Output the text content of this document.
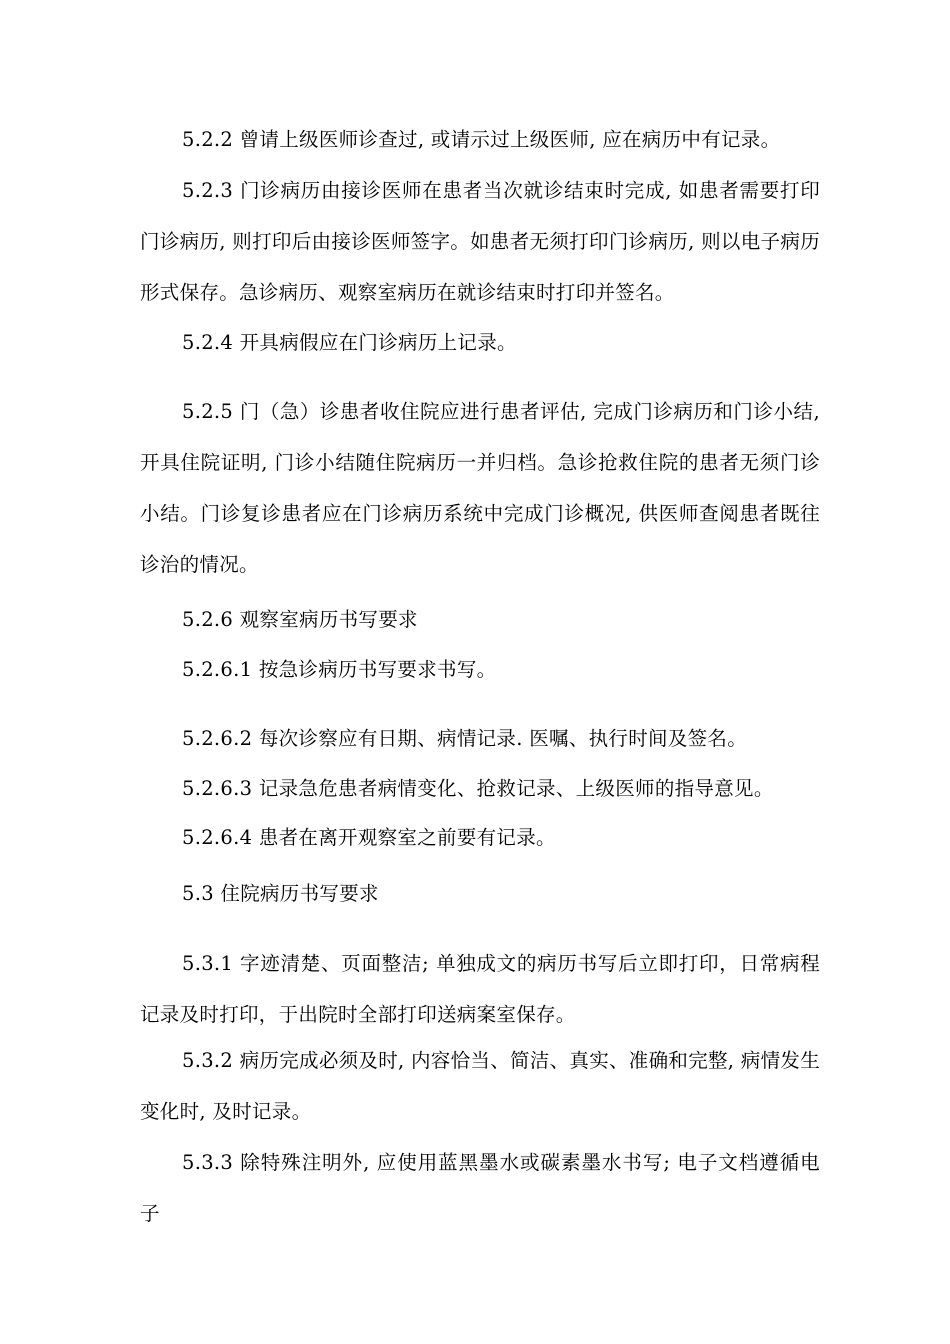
5.2.2 曾请上级医师诊查过, 或请示过上级医师, 应在病历中有记录。

5.2.3 门诊病历由接诊医师在患者当次就诊结束时完成, 如患者需要打印门诊病历, 则打印后由接诊医师签字。如患者无须打印门诊病历, 则以电子病历形式保存。急诊病历、观察室病历在就诊结束时打印并签名。

5.2.4 开具病假应在门诊病历上记录。

5.2.5 门（急）诊患者收住院应进行患者评估, 完成门诊病历和门诊小结, 开具住院证明, 门诊小结随住院病历一并归档。急诊抢救住院的患者无须门诊小结。门诊复诊患者应在门诊病历系统中完成门诊概况, 供医师查阅患者既往诊治的情况。

5.2.6 观察室病历书写要求

5.2.6.1 按急诊病历书写要求书写。

5.2.6.2 每次诊察应有日期、病情记录. 医嘱、执行时间及签名。

5.2.6.3 记录急危患者病情变化、抢救记录、上级医师的指导意见。

5.2.6.4 患者在离开观察室之前要有记录。

5.3 住院病历书写要求

5.3.1 字迹清楚、页面整洁; 单独成文的病历书写后立即打印，日常病程记录及时打印，于出院时全部打印送病案室保存。

5.3.2 病历完成必须及时, 内容恰当、简洁、真实、准确和完整, 病情发生变化时, 及时记录。

5.3.3 除特殊注明外, 应使用蓝黑墨水或碳素墨水书写; 电子文档遵循电子
